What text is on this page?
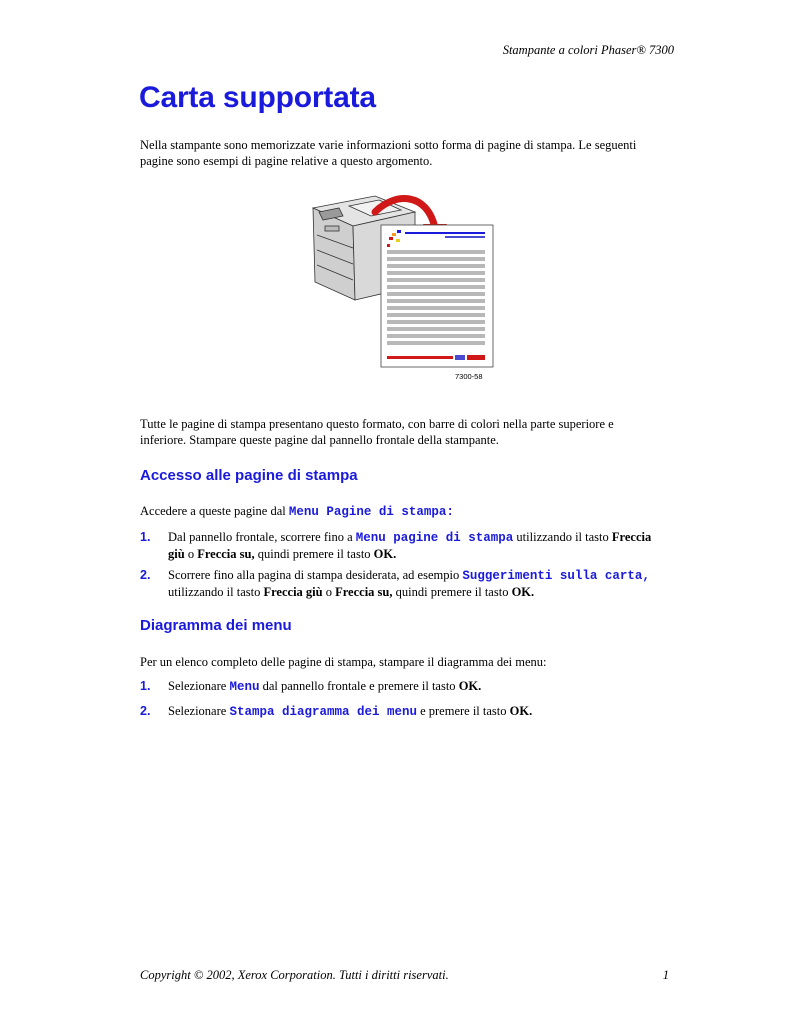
Stampante a colori Phaser® 7300
Carta supportata

Nella stampante sono memorizzate varie informazioni sotto forma di pagine di stampa. Le seguenti pagine sono esempi di pagine relative a questo argomento.

7300-58

Tutte le pagine di stampa presentano questo formato, con barre di colori nella parte superiore e inferiore. Stampare queste pagine dal pannello frontale della stampante.

Accesso alle pagine di stampa

Accedere a queste pagine dal Menu Pagine di stampa:

1. Dal pannello frontale, scorrere fino a Menu pagine di stampa utilizzando il tasto Freccia giù o Freccia su, quindi premere il tasto OK.
2. Scorrere fino alla pagina di stampa desiderata, ad esempio Suggerimenti sulla carta, utilizzando il tasto Freccia giù o Freccia su, quindi premere il tasto OK.
Diagramma dei menu

Per un elenco completo delle pagine di stampa, stampare il diagramma dei menu:

1. Selezionare Menu dal pannello frontale e premere il tasto OK.
2. Selezionare Stampa diagramma dei menu e premere il tasto OK.
Copyright © 2002, Xerox Corporation. Tutti i diritti riservati.	1
